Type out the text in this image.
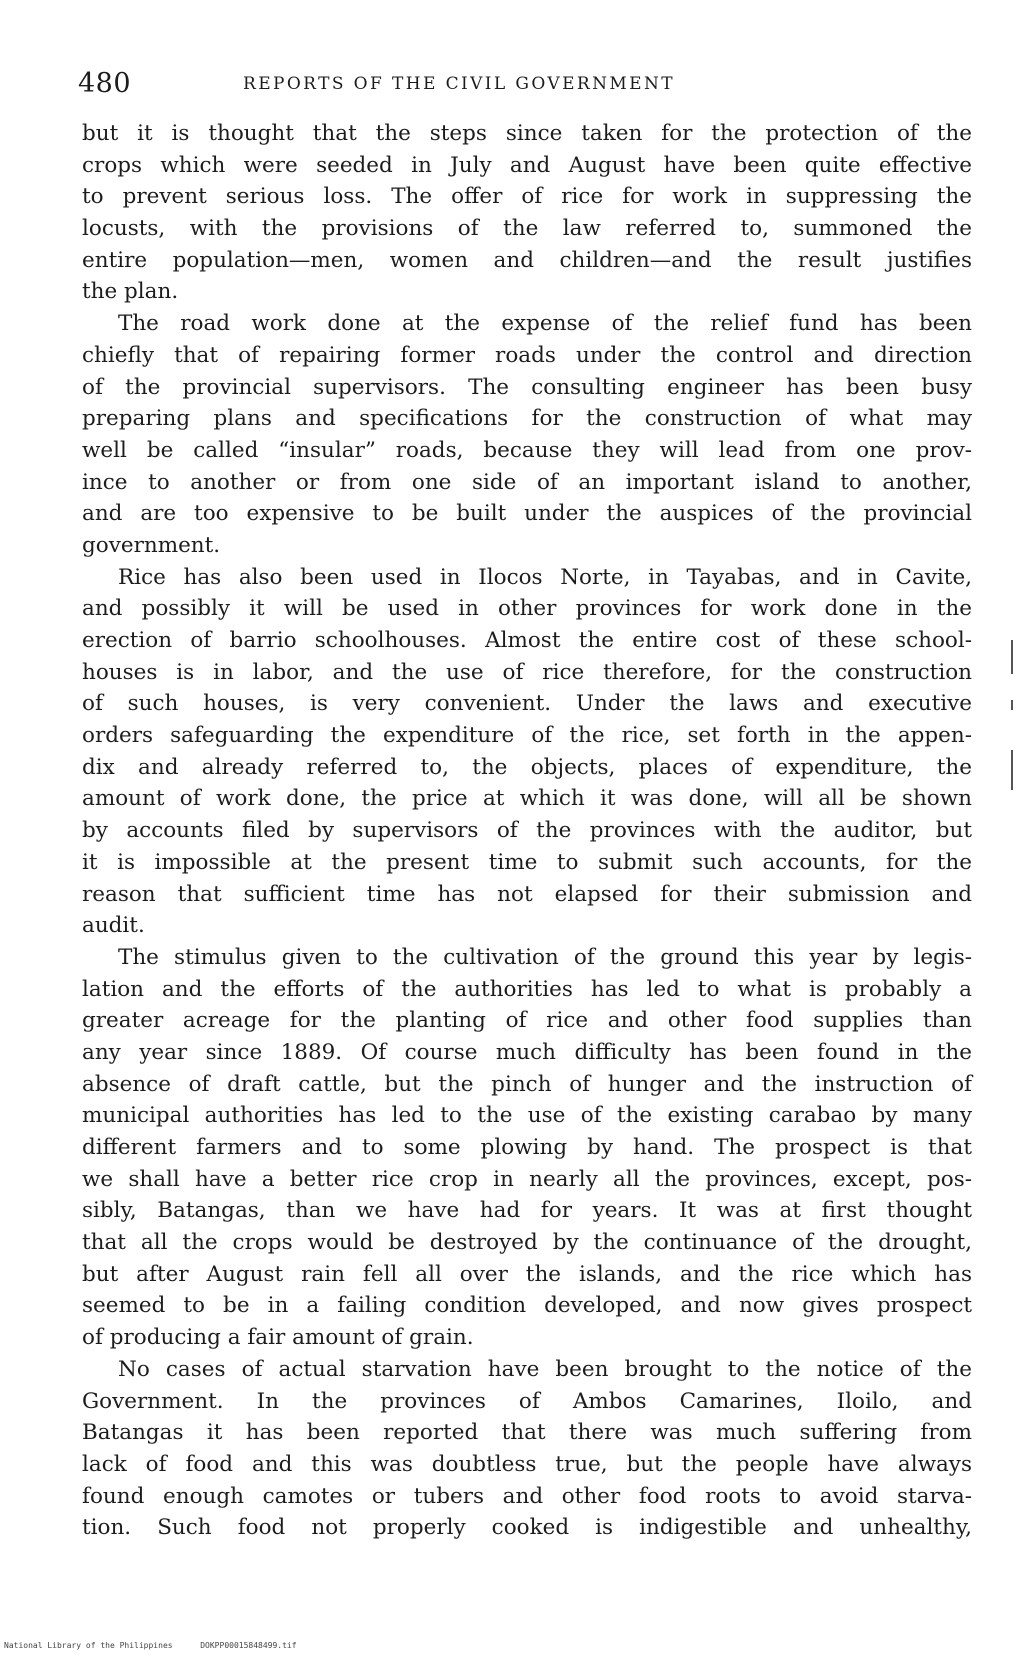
480	REPORTS OF THE CIVIL GOVERNMENT
but it is thought that the steps since taken for the protection of the
crops which were seeded in July and August have been quite effective
to prevent serious loss. The offer of rice for work in suppressing the
locusts, with the provisions of the law referred to, summoned the
entire population—men, women and children—and the result justifies
the plan.
The road work done at the expense of the relief fund has been
chiefly that of repairing former roads under the control and direction
of the provincial supervisors. The consulting engineer has been busy
preparing plans and specifications for the construction of what may
well be called “insular” roads, because they will lead from one prov-
ince to another or from one side of an important island to another,
and are too expensive to be built under the auspices of the provincial
government.
Rice has also been used in Ilocos Norte, in Tayabas, and in Cavite,
and possibly it will be used in other provinces for work done in the
erection of barrio schoolhouses. Almost the entire cost of these school-
houses is in labor, and the use of rice therefore, for the construction
of such houses, is very convenient. Under the laws and executive
orders safeguarding the expenditure of the rice, set forth in the appen-
dix and already referred to, the objects, places of expenditure, the
amount of work done, the price at which it was done, will all be shown
by accounts filed by supervisors of the provinces with the auditor, but
it is impossible at the present time to submit such accounts, for the
reason that sufficient time has not elapsed for their submission and
audit.
The stimulus given to the cultivation of the ground this year by legis-
lation and the efforts of the authorities has led to what is probably a
greater acreage for the planting of rice and other food supplies than
any year since 1889. Of course much difficulty has been found in the
absence of draft cattle, but the pinch of hunger and the instruction of
municipal authorities has led to the use of the existing carabao by many
different farmers and to some plowing by hand. The prospect is that
we shall have a better rice crop in nearly all the provinces, except, pos-
sibly, Batangas, than we have had for years. It was at first thought
that all the crops would be destroyed by the continuance of the drought,
but after August rain fell all over the islands, and the rice which has
seemed to be in a failing condition developed, and now gives prospect
of producing a fair amount of grain.
No cases of actual starvation have been brought to the notice of the
Government. In the provinces of Ambos Camarines, Iloilo, and
Batangas it has been reported that there was much suffering from
lack of food and this was doubtless true, but the people have always
found enough camotes or tubers and other food roots to avoid starva-
tion. Such food not properly cooked is indigestible and unhealthy,
National Library of the Philippines	DOKPP00015848499.tif
